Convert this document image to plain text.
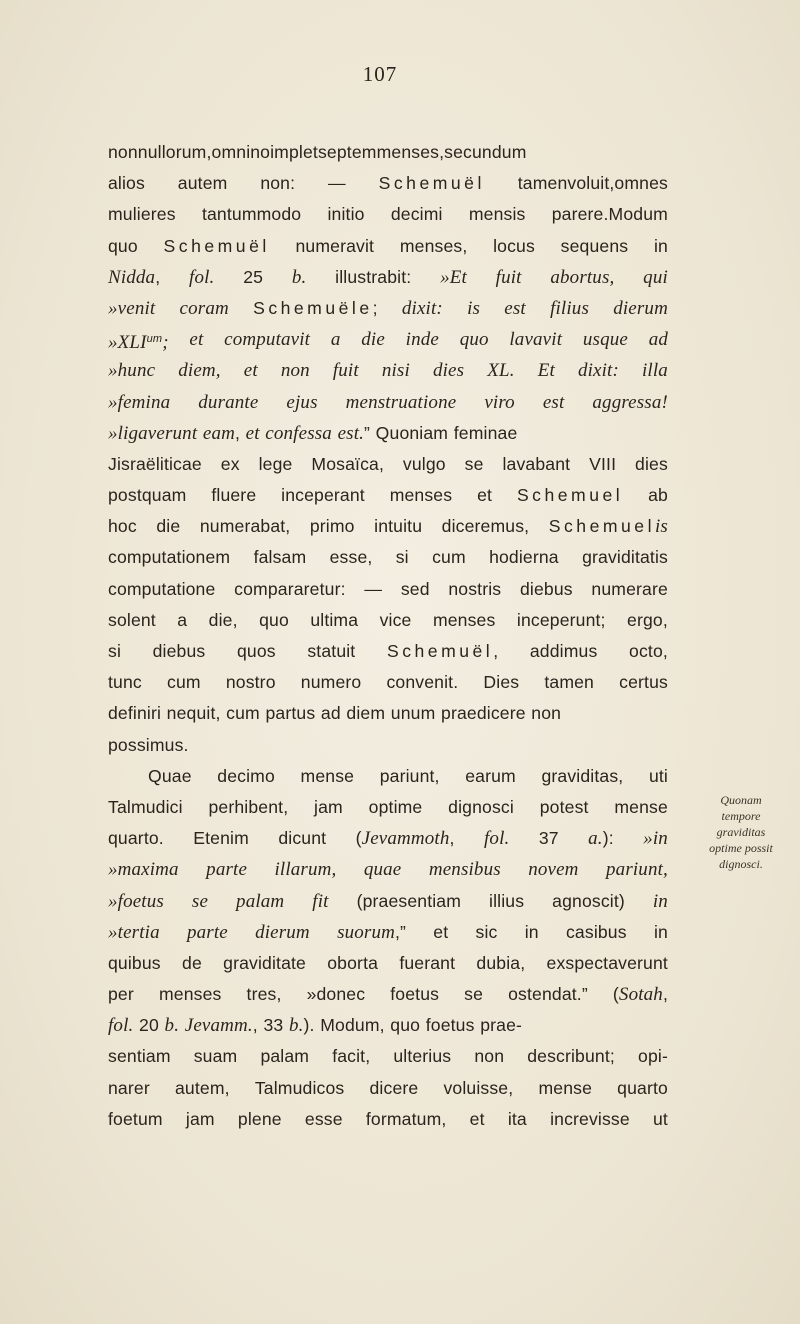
107
nonnullorum,omninoimpletseptemmenses,secundum
alios autem non: — Schemuël tamenvoluit,omnes
mulieres tantummodo initio decimi mensis parere.Modum
quo Schemuël numeravit menses, locus sequens in
Nidda, fol. 25 b. illustrabit: »Et fuit abortus, qui
»venit coram Schemuële; dixit: is est filius dierum
$»XLI^{um}$; et computavit a die inde quo lavavit usque ad
»hunc diem, et non fuit nisi dies XL. Et dixit: illa
»femina durante ejus menstruatione viro est aggressa!
»ligaverunt eam, et confessa est.” Quoniam feminae
Jisraëliticae ex lege Mosaïca, vulgo se lavabant VIII dies
postquam fluere inceperant menses et Schemuel ab
hoc die numerabat, primo intuitu diceremus, Schemuelis
computationem falsam esse, si cum hodierna graviditatis
computatione compararetur: — sed nostris diebus numerare
solent a die, quo ultima vice menses inceperunt; ergo,
si diebus quos statuit Schemuël, addimus octo,
tunc cum nostro numero convenit. Dies tamen certus
definiri nequit, cum partus ad diem unum praedicere non
possimus.
Quae decimo mense pariunt, earum graviditas, uti
Talmudici perhibent, jam optime dignosci potest mense
quarto. Etenim dicunt (Jevammoth, fol. 37 a.): »in
»maxima parte illarum, quae mensibus novem pariunt,
»foetus se palam fit (praesentiam illius agnoscit) in
»tertia parte dierum suorum,” et sic in casibus in
quibus de graviditate oborta fuerant dubia, exspectaverunt
per menses tres, »donec foetus se ostendat.” (Sotah,
fol. 20 b. Jevamm., 33 b.). Modum, quo foetus prae-
sentiam suam palam facit, ulterius non describunt; opi-
narer autem, Talmudicos dicere voluisse, mense quarto
foetum jam plene esse formatum, et ita increvisse ut
Quonam
tempore
graviditas
optime possit
dignosci.
